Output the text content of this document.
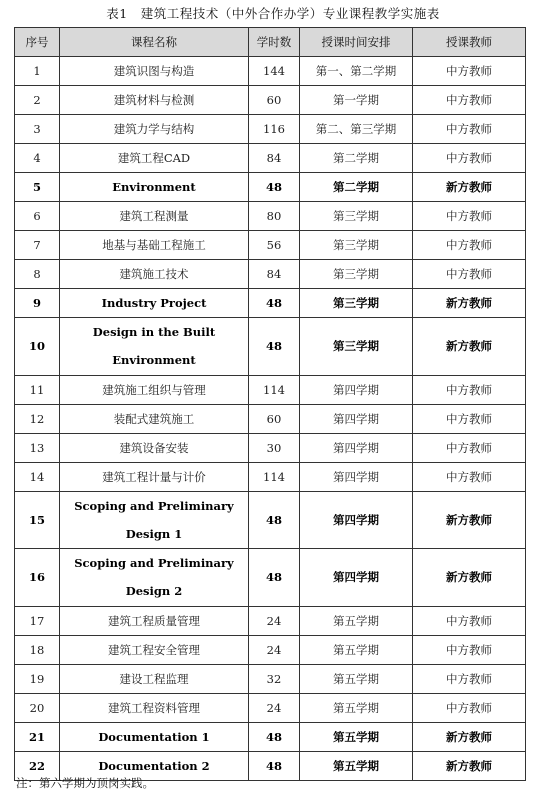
表1　建筑工程技术（中外合作办学）专业课程教学实施表
序号	课程名称	学时数	授课时间安排	授课教师
1	建筑识图与构造	144	第一、第二学期	中方教师
2	建筑材料与检测	60	第一学期	中方教师
3	建筑力学与结构	116	第二、第三学期	中方教师
4	建筑工程CAD	84	第二学期	中方教师
5	Environment	48	第二学期	新方教师
6	建筑工程测量	80	第三学期	中方教师
7	地基与基础工程施工	56	第三学期	中方教师
8	建筑施工技术	84	第三学期	中方教师
9	Industry Project	48	第三学期	新方教师
10	Design in the Built Environment	48	第三学期	新方教师
11	建筑施工组织与管理	114	第四学期	中方教师
12	装配式建筑施工	60	第四学期	中方教师
13	建筑设备安装	30	第四学期	中方教师
14	建筑工程计量与计价	114	第四学期	中方教师
15	Scoping and Preliminary Design 1	48	第四学期	新方教师
16	Scoping and Preliminary Design 2	48	第四学期	新方教师
17	建筑工程质量管理	24	第五学期	中方教师
18	建筑工程安全管理	24	第五学期	中方教师
19	建设工程监理	32	第五学期	中方教师
20	建筑工程资料管理	24	第五学期	中方教师
21	Documentation 1	48	第五学期	新方教师
22	Documentation 2	48	第五学期	新方教师
注：第六学期为顶岗实践。
